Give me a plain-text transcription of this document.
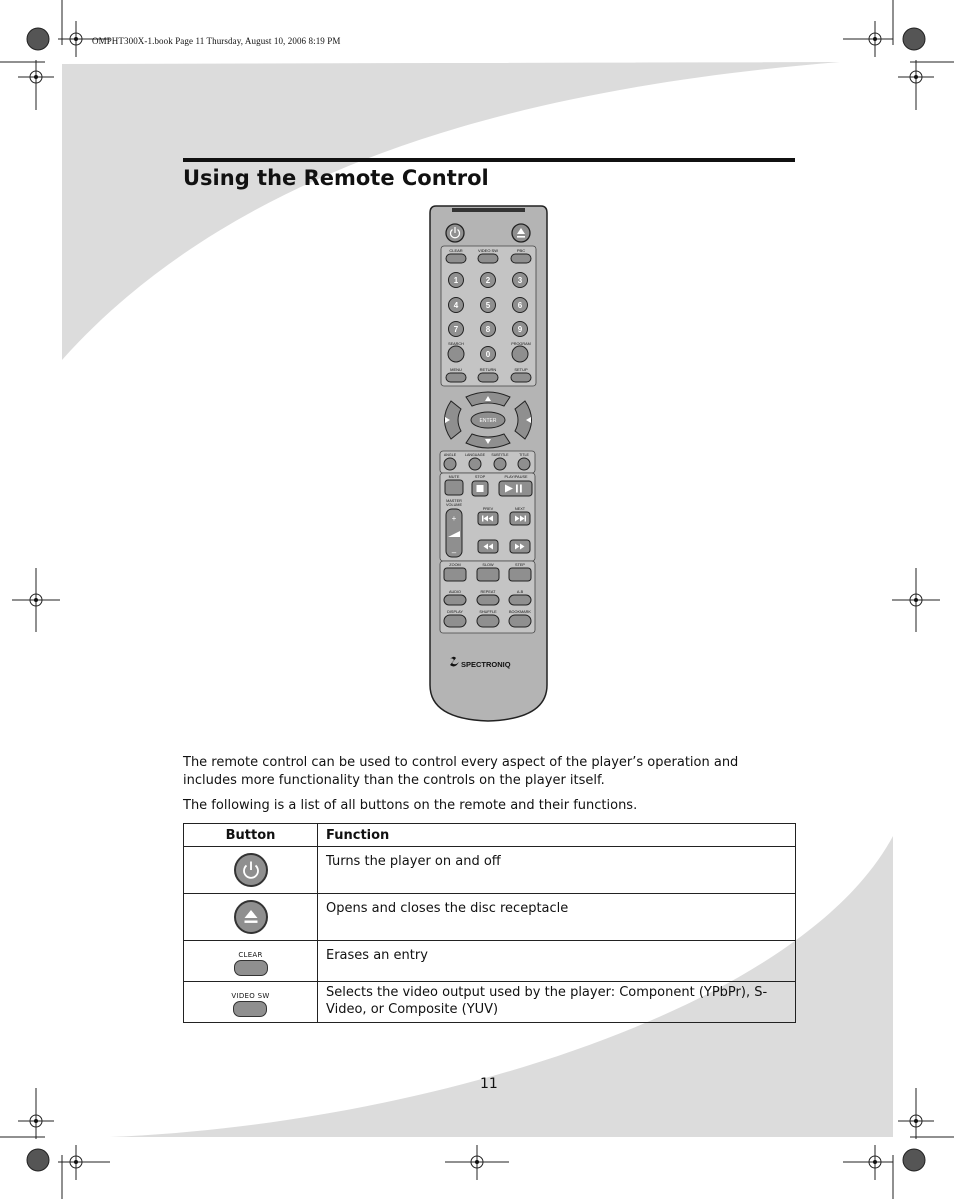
OMPHT300X-1.book Page 11 Thursday, August 10, 2006 8:19 PM
Using the Remote Control
CLEAR	VIDEO SW	PBC
1	2	3
4	5	6
7	8	9
0
SEARCH	PROGRAM
MENU	RETURN	SETUP
ENTER
ANGLE LANGUAGE SUBTITLE	TITLE
MUTE	STOP	PLAY/PAUSE
MASTER
VOLUME
+
–
PREV	NEXT
ZOOM	SLOW	STEP
AUDIO	REPEAT	A-B
DISPLAY	SHUFFLE	BOOKMARK
SPECTRONIQ

The remote control can be used to control every aspect of the player’s operation and includes more functionality than the controls on the player itself.

The following is a list of all buttons on the remote and their functions.

Button	Function

	Turns the player on and off

	Opens and closes the disc receptacle

CLEAR	Erases an entry

VIDEO SW	Selects the video output used by the player: Component (YPbPr), S-Video, or Composite (YUV)
11
